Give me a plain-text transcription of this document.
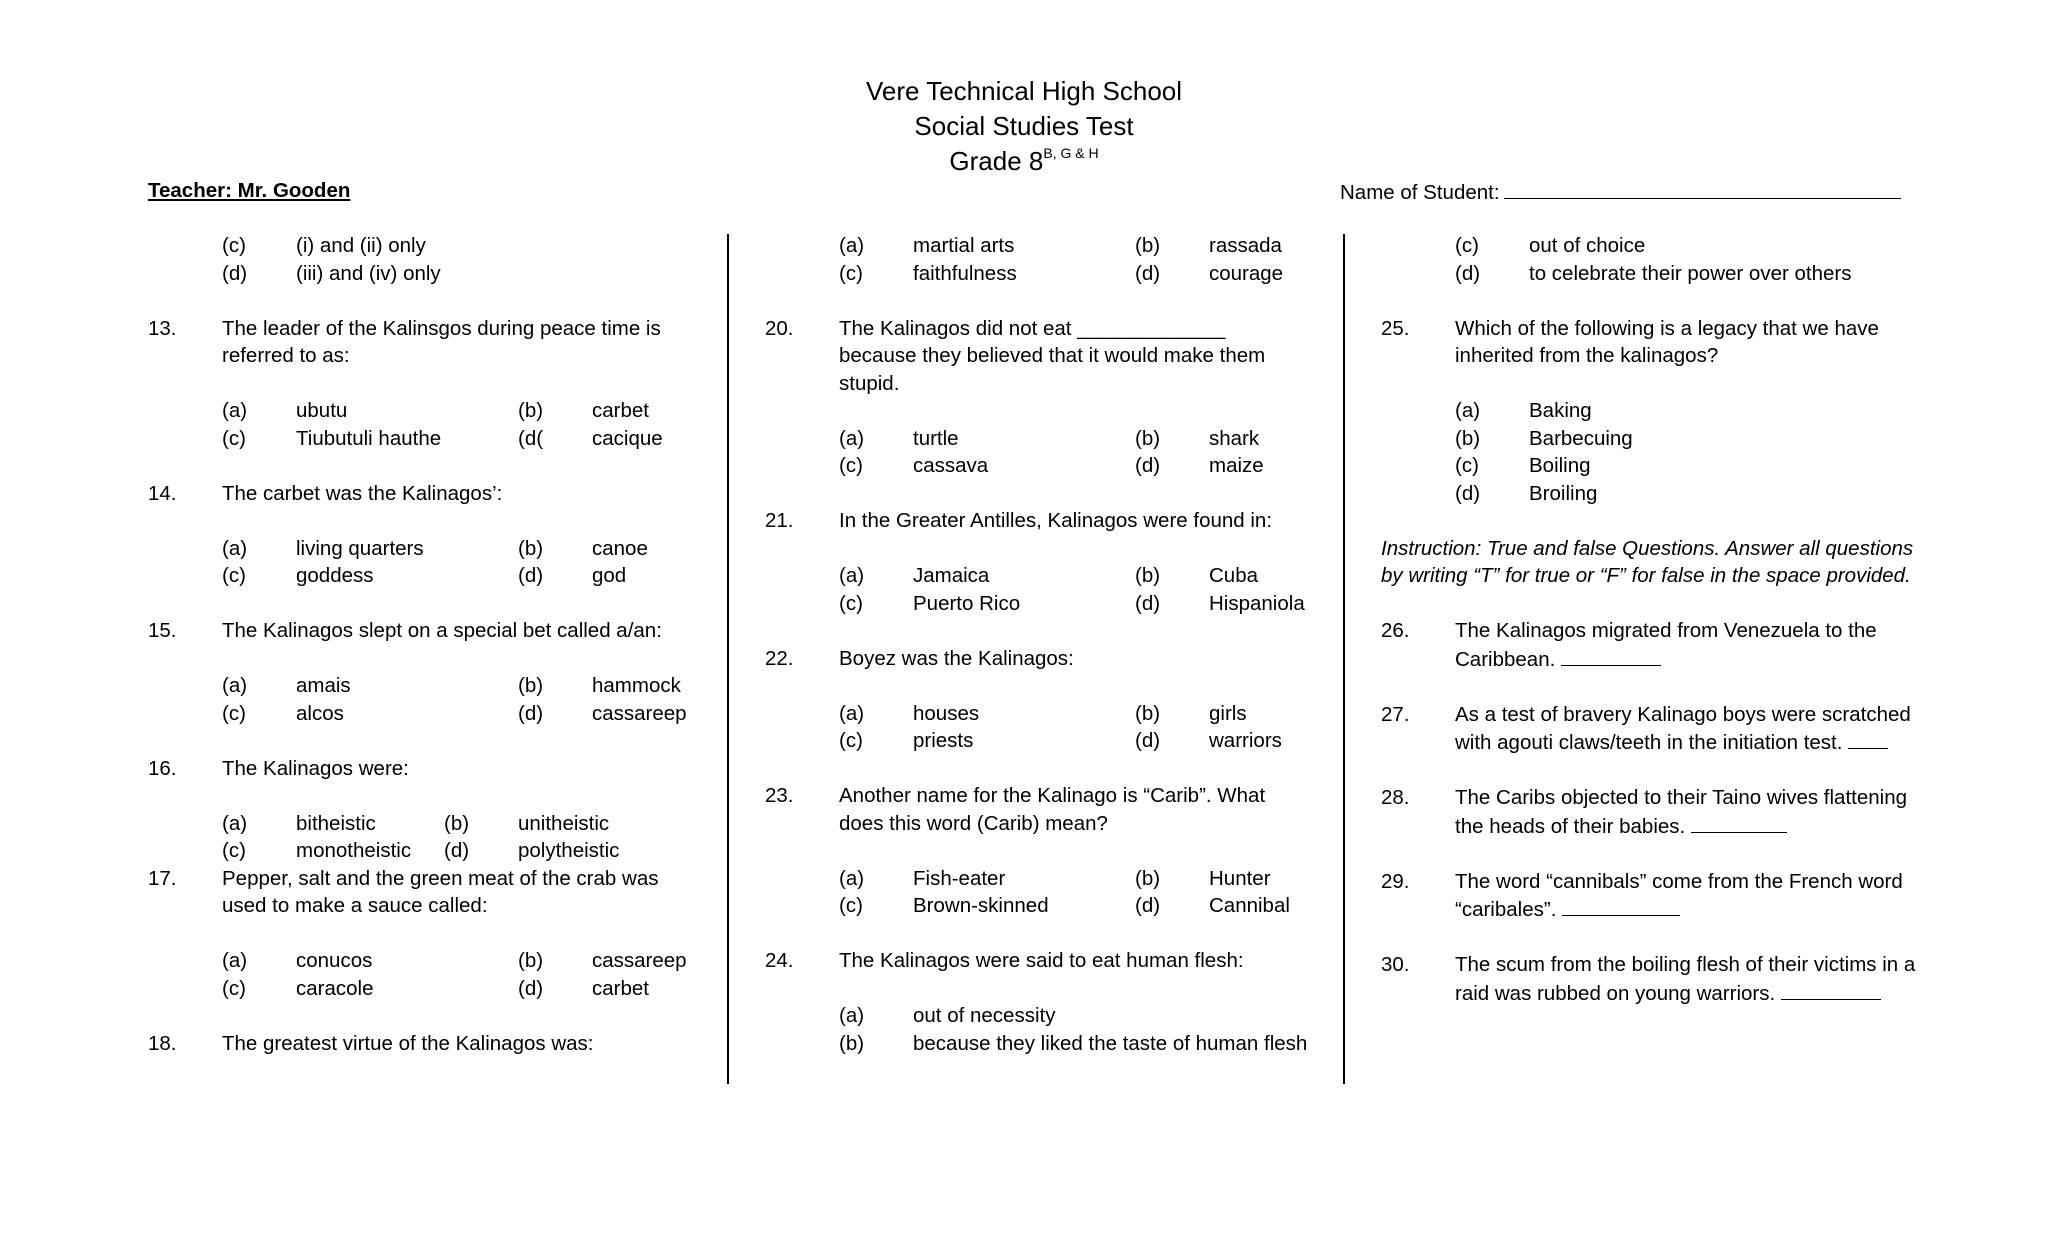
Vere Technical High School
Social Studies Test
Grade $8^{B, G \& H}$
Teacher: Mr. Gooden	Name of Student:
(c) (i) and (ii) only
(d) (iii) and (iv) only
13. The leader of the Kalinsgos during peace time is referred to as:
(a) ubutu	(b) carbet
(c) Tiubutuli hauthe	(d( cacique
14. The carbet was the Kalinagos’:
(a) living quarters	(b) canoe
(c) goddess	(d) god
15. The Kalinagos slept on a special bet called a/an:
(a) amais	(b) hammock
(c) alcos	(d) cassareep
16. The Kalinagos were:
(a) bitheistic	(b) unitheistic
(c) monotheistic (d) polytheistic
17. Pepper, salt and the green meat of the crab was used to make a sauce called:
(a) conucos	(b) cassareep
(c) caracole	(d) carbet
18. The greatest virtue of the Kalinagos was:
(a) martial arts	(b) rassada
(c) faithfulness	(d) courage
20. The Kalinagos did not eat _____________ because they believed that it would make them stupid.
(a) turtle	(b) shark
(c) cassava	(d) maize
21. In the Greater Antilles, Kalinagos were found in:
(a) Jamaica	(b) Cuba
(c) Puerto Rico	(d) Hispaniola
22. Boyez was the Kalinagos:
(a) houses	(b) girls
(c) priests	(d) warriors
23. Another name for the Kalinago is “Carib”. What does this word (Carib) mean?
(a) Fish-eater	(b) Hunter
(c) Brown-skinned	(d) Cannibal
24. The Kalinagos were said to eat human flesh:
(a) out of necessity
(b) because they liked the taste of human flesh
(c) out of choice
(d) to celebrate their power over others
25. Which of the following is a legacy that we have inherited from the kalinagos?
(a) Baking
(b) Barbecuing
(c) Boiling
(d) Broiling
Instruction: True and false Questions. Answer all questions by writing “T” for true or “F” for false in the space provided.
26. The Kalinagos migrated from Venezuela to the Caribbean.
27. As a test of bravery Kalinago boys were scratched with agouti claws/teeth in the initiation test.
28. The Caribs objected to their Taino wives flattening the heads of their babies.
29. The word “cannibals” come from the French word “caribales”.
30. The scum from the boiling flesh of their victims in a raid was rubbed on young warriors.
